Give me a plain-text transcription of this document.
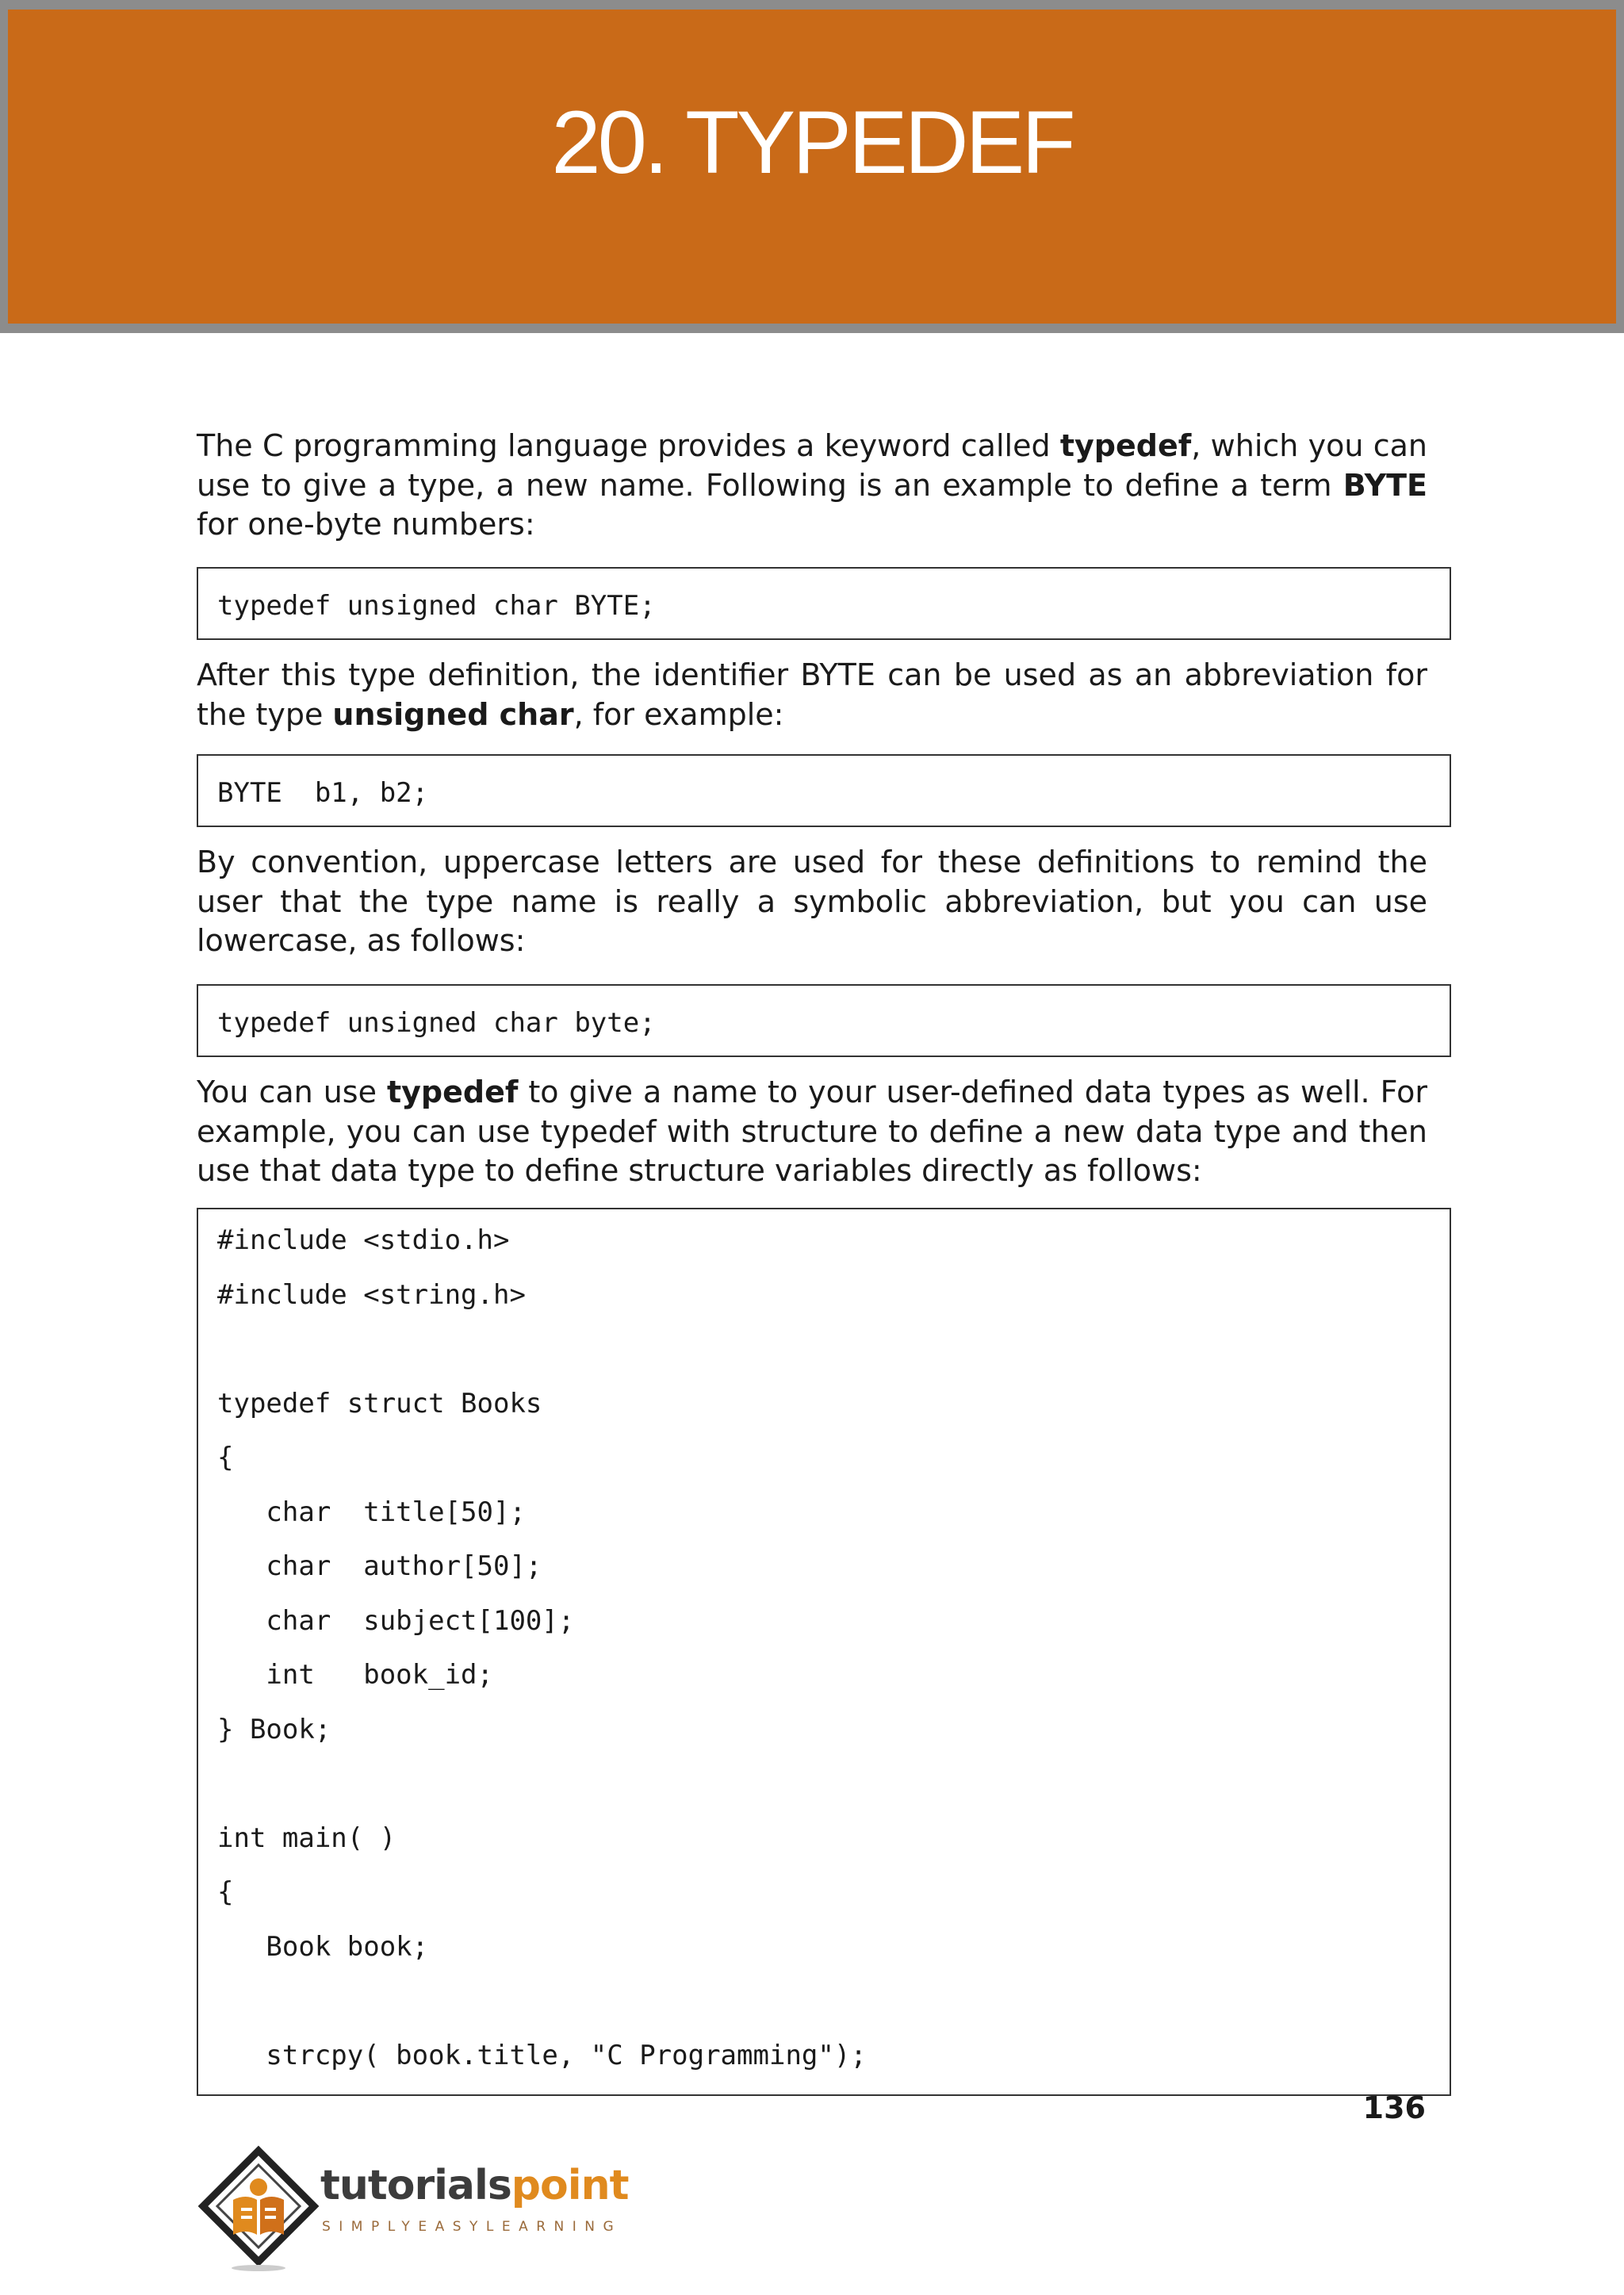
20. TYPEDEF

The C programming language provides a keyword called typedef, which you can use to give a type, a new name. Following is an example to define a term BYTE for one-byte numbers:

typedef unsigned char BYTE;

After this type definition, the identifier BYTE can be used as an abbreviation for the type unsigned char, for example:

BYTE  b1, b2;

By convention, uppercase letters are used for these definitions to remind the user that the type name is really a symbolic abbreviation, but you can use lowercase, as follows:

typedef unsigned char byte;

You can use typedef to give a name to your user-defined data types as well. For example, you can use typedef with structure to define a new data type and then use that data type to define structure variables directly as follows:

#include <stdio.h>
#include <string.h>
typedef struct Books
{
char  title[50];
char  author[50];
char  subject[100];
int   book_id;
} Book;
int main( )
{
Book book;
strcpy( book.title, "C Programming");
136
tutorialspoint
SIMPLYEASYLEARNING
